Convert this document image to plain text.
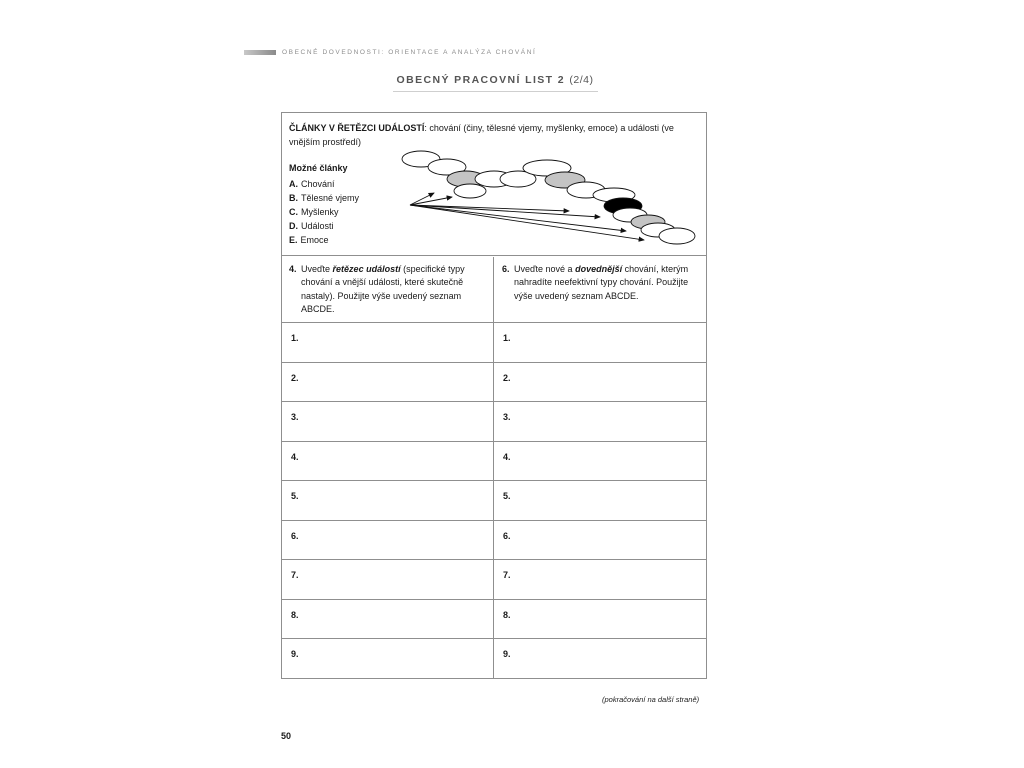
OBECNÉ DOVEDNOSTI: ORIENTACE A ANALÝZA CHOVÁNÍ
OBECNÝ PRACOVNÍ LIST 2 (2/4)
ČLÁNKY V ŘETĚZCI UDÁLOSTÍ: chování (činy, tělesné vjemy, myšlenky, emoce) a události (ve vnějším prostředí)
Možné články
A. Chování
B. Tělesné vjemy
C. Myšlenky
D. Události
E. Emoce
4. Uveďte řetězec událostí (specifické typy chování a vnější události, které skutečně nastaly). Použijte výše uvedený seznam ABCDE.
6. Uveďte nové a dovednější chování, kterým nahradíte neefektivní typy chování. Použijte výše uvedený seznam ABCDE.
1.	1.
2.	2.
3.	3.
4.	4.
5.	5.
6.	6.
7.	7.
8.	8.
9.	9.
(pokračování na další straně)
50
